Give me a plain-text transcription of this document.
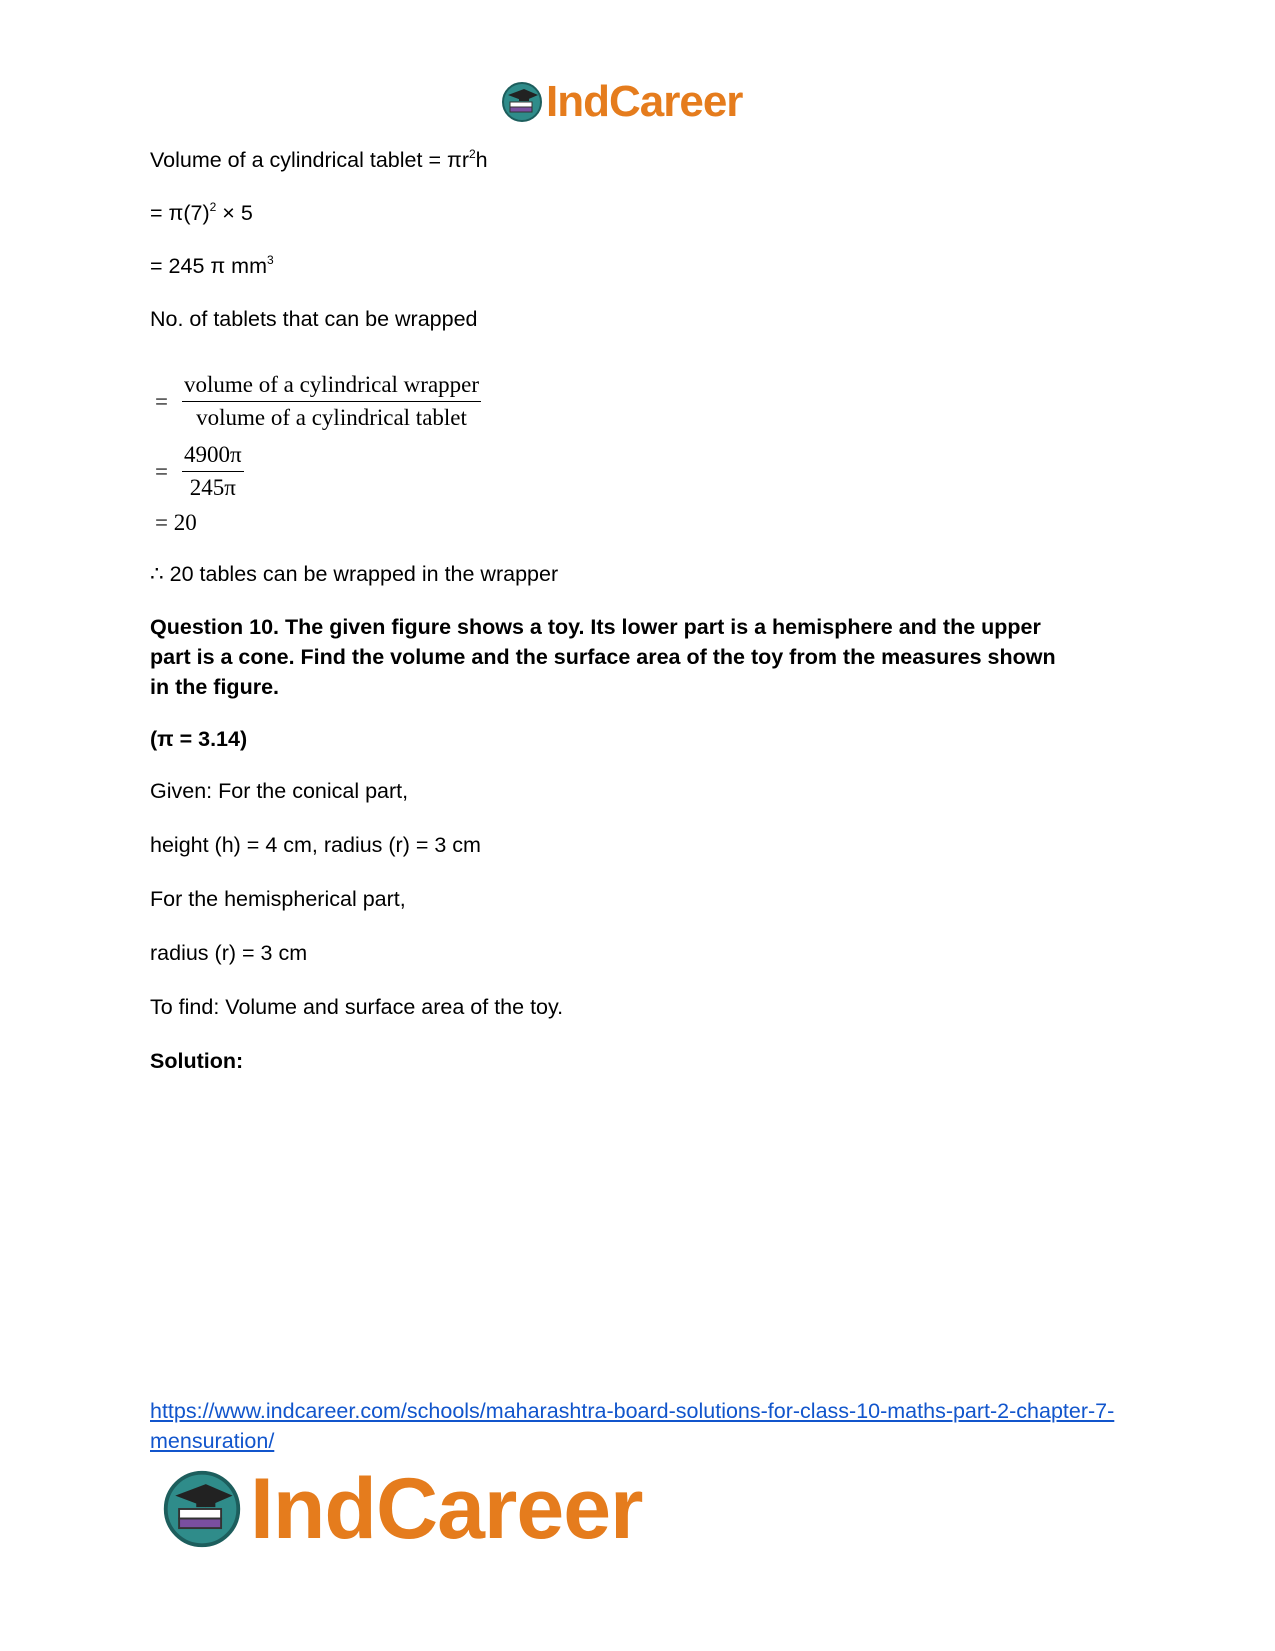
IndCareer
Volume of a cylindrical tablet = $\pi r^2h$
= $\pi(7)^2 \times 5$
= 245 π $mm^3$
No. of tablets that can be wrapped
= $\frac{\text{volume of a cylindrical wrapper}}{\text{volume of a cylindrical tablet}}$
= $\frac{4900\pi}{245\pi}$
= 20
∴ 20 tables can be wrapped in the wrapper
Question 10. The given figure shows a toy. Its lower part is a hemisphere and the upper
part is a cone. Find the volume and the surface area of the toy from the measures shown
in the figure.
(π = 3.14)
Given: For the conical part,
height (h) = 4 cm, radius (r) = 3 cm
For the hemispherical part,
radius (r) = 3 cm
To find: Volume and surface area of the toy.
Solution:
https://www.indcareer.com/schools/maharashtra-board-solutions-for-class-10-maths-part-2-chapter-7-mensuration/
IndCareer
